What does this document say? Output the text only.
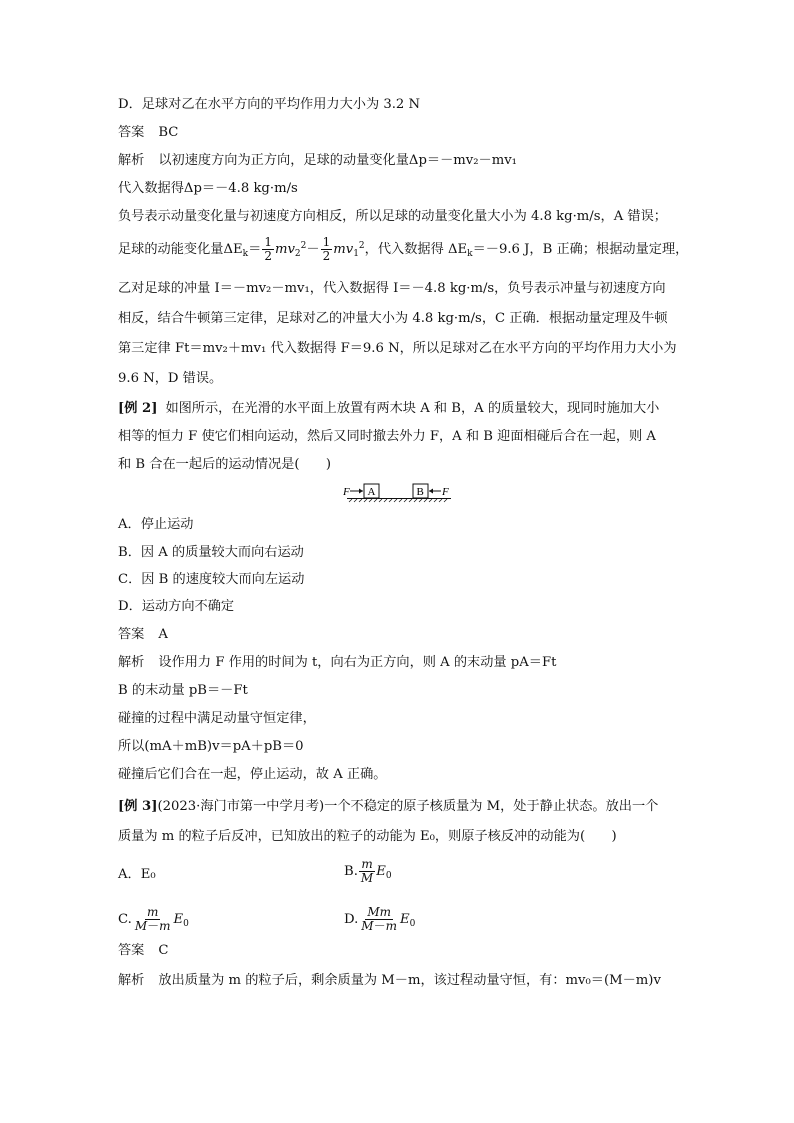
D．足球对乙在水平方向的平均作用力大小为 3.2 N
答案 BC
解析 以初速度方向为正方向，足球的动量变化量Δp＝－mv₂－mv₁
代入数据得Δp＝－4.8 kg·m/s
负号表示动量变化量与初速度方向相反，所以足球的动量变化量大小为 4.8 kg·m/s，A 错误；
足球的动能变化量$\Delta E_k= \frac{1}{2} mv_2^2- \frac{1}{2} mv_1^2$，代入数据得 $\Delta E_k=-9.6$ J，B 正确；根据动量定理，
乙对足球的冲量 I＝－mv₂－mv₁，代入数据得 I＝－4.8 kg·m/s，负号表示冲量与初速度方向
相反，结合牛顿第三定律，足球对乙的冲量大小为 4.8 kg·m/s，C 正确．根据动量定理及牛顿
第三定律 Ft＝mv₂＋mv₁ 代入数据得 F＝9.6 N，所以足球对乙在水平方向的平均作用力大小为
9.6 N，D 错误。
[例 2] 如图所示，在光滑的水平面上放置有两木块 A 和 B，A 的质量较大，现同时施加大小
相等的恒力 F 使它们相向运动，然后又同时撤去外力 F，A 和 B 迎面相碰后合在一起，则 A
和 B 合在一起后的运动情况是(　　)
F A	B F
A．停止运动
B．因 A 的质量较大而向右运动
C．因 B 的速度较大而向左运动
D．运动方向不确定
答案 A
解析 设作用力 F 作用的时间为 t，向右为正方向，则 A 的末动量 pA＝Ft
B 的末动量 pB＝－Ft
碰撞的过程中满足动量守恒定律，
所以(mA＋mB)v＝pA＋pB＝0
碰撞后它们合在一起，停止运动，故 A 正确。
[例 3](2023·海门市第一中学月考)一个不稳定的原子核质量为 M，处于静止状态。放出一个
质量为 m 的粒子后反冲，已知放出的粒子的动能为 E₀，则原子核反冲的动能为(　　)
A．E₀	B. $\frac{m}{M} E_0$
C. $\frac{m}{M-m} E_0$	D. $\frac{Mm}{M-m} E_0$
答案 C
解析 放出质量为 m 的粒子后，剩余质量为 M－m，该过程动量守恒，有：mv₀＝(M－m)v
